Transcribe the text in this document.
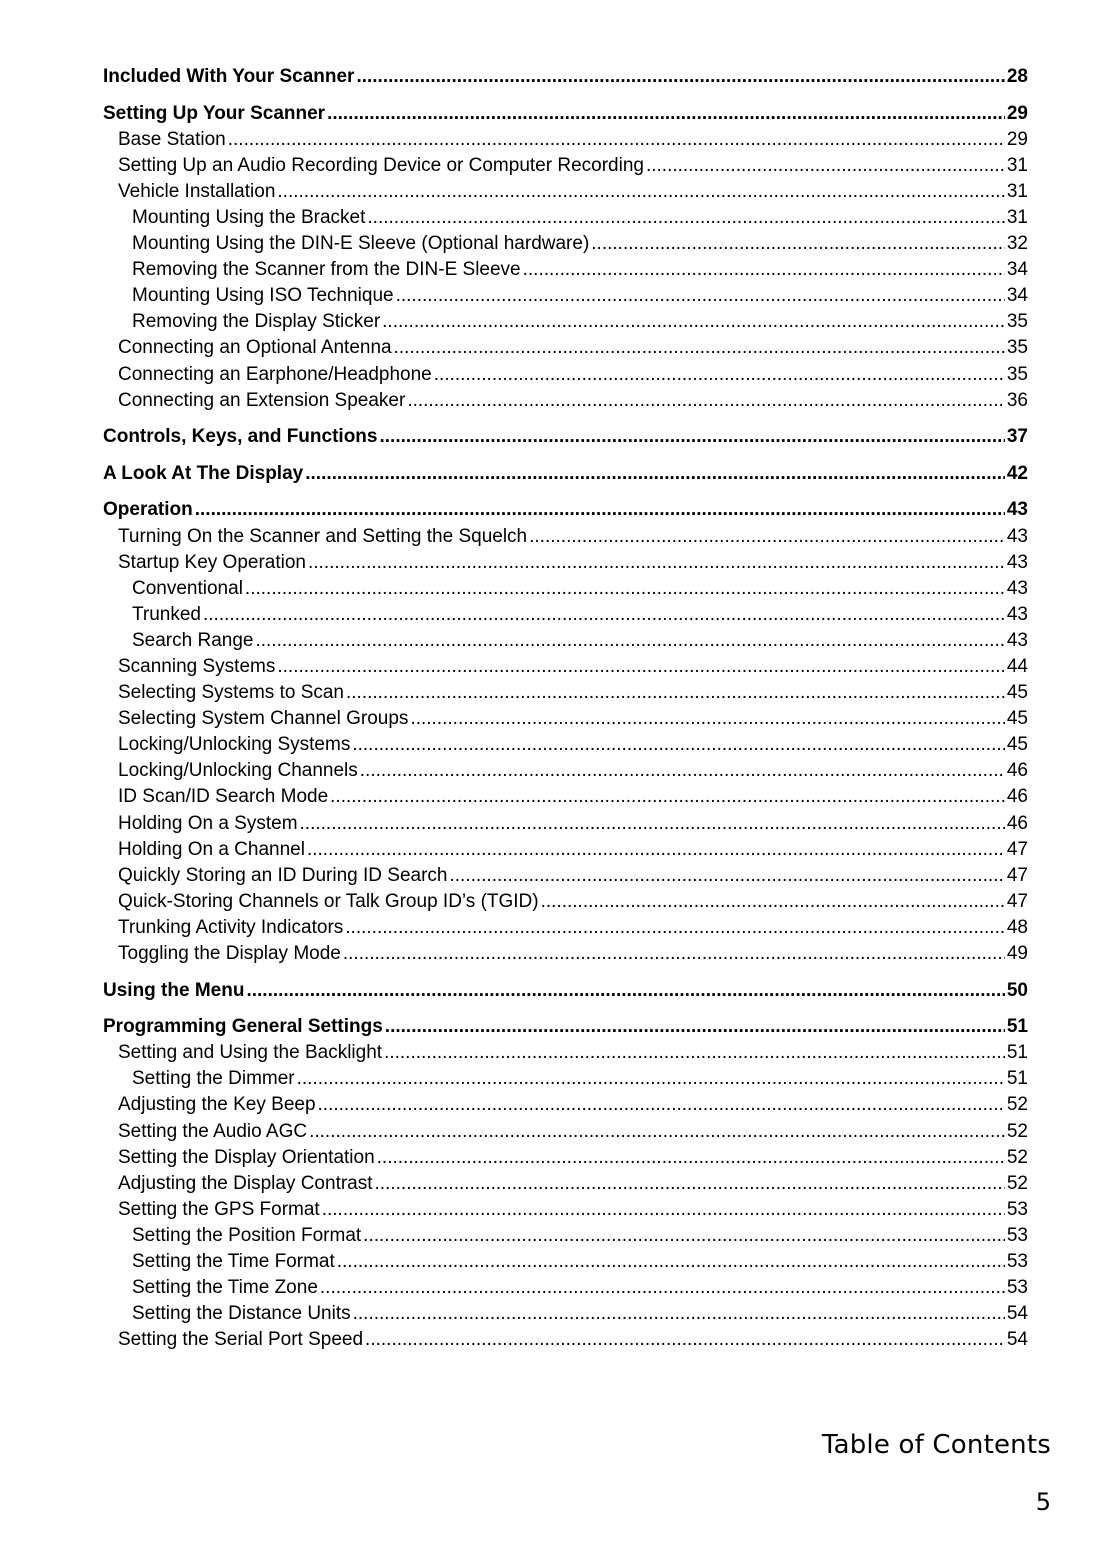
Included With Your Scanner .....	28
Setting Up Your Scanner .....	29
Base Station .....	29
Setting Up an Audio Recording Device or Computer Recording .....	31
Vehicle Installation .....	31
Mounting Using the Bracket .....	31
Mounting Using the DIN-E Sleeve (Optional hardware) .....	32
Removing the Scanner from the DIN-E Sleeve .....	34
Mounting Using ISO Technique .....	34
Removing the Display Sticker .....	35
Connecting an Optional Antenna .....	35
Connecting an Earphone/Headphone .....	35
Connecting an Extension Speaker .....	36
Controls, Keys, and Functions .....	37
A Look At The Display .....	42
Operation .....	43
Turning On the Scanner and Setting the Squelch .....	43
Startup Key Operation .....	43
Conventional .....	43
Trunked .....	43
Search Range .....	43
Scanning Systems .....	44
Selecting Systems to Scan .....	45
Selecting System Channel Groups .....	45
Locking/Unlocking Systems .....	45
Locking/Unlocking Channels .....	46
ID Scan/ID Search Mode .....	46
Holding On a System .....	46
Holding On a Channel .....	47
Quickly Storing an ID During ID Search .....	47
Quick-Storing Channels or Talk Group ID’s (TGID) .....	47
Trunking Activity Indicators .....	48
Toggling the Display Mode .....	49
Using the Menu .....	50
Programming General Settings .....	51
Setting and Using the Backlight .....	51
Setting the Dimmer .....	51
Adjusting the Key Beep .....	52
Setting the Audio AGC .....	52
Setting the Display Orientation .....	52
Adjusting the Display Contrast .....	52
Setting the GPS Format .....	53
Setting the Position Format .....	53
Setting the Time Format .....	53
Setting the Time Zone .....	53
Setting the Distance Units .....	54
Setting the Serial Port Speed .....	54
Table of Contents
5
